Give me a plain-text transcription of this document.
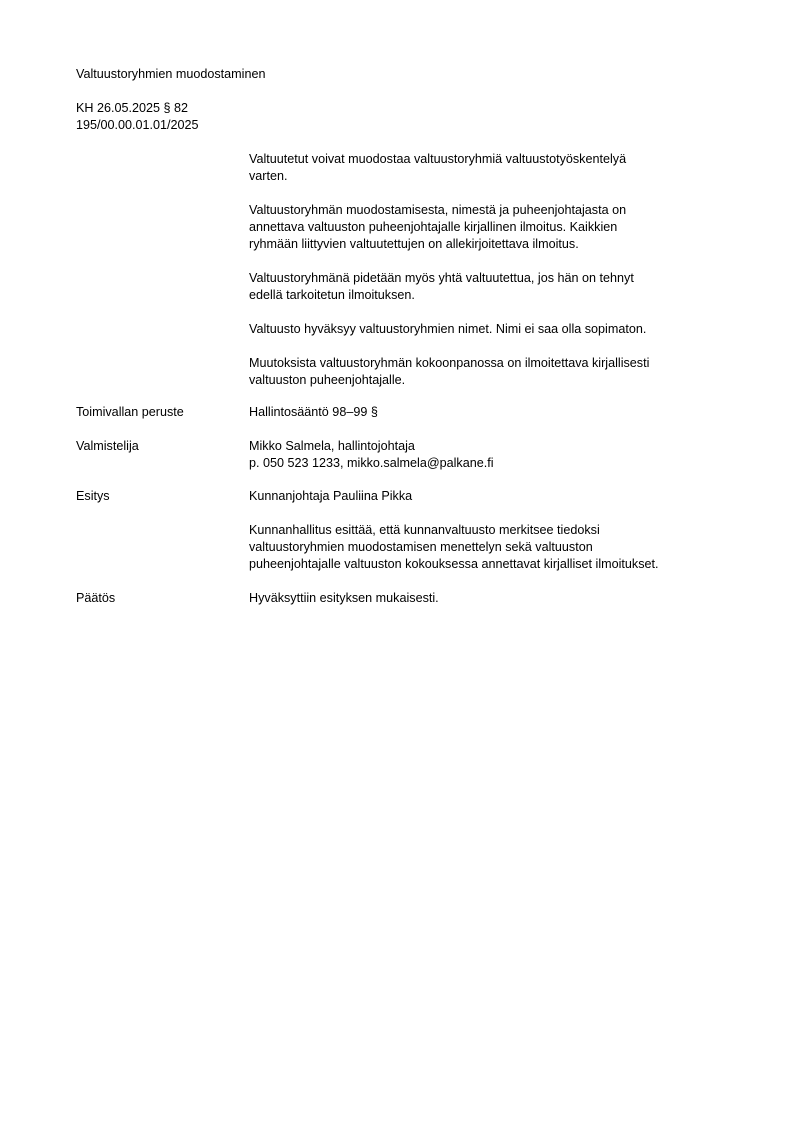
Valtuustoryhmien muodostaminen
KH 26.05.2025 § 82
195/00.00.01.01/2025

Valtuutetut voivat muodostaa valtuustoryhmiä valtuustotyöskentelyä
varten.

Valtuustoryhmän muodostamisesta, nimestä ja puheenjohtajasta on
annettava valtuuston puheenjohtajalle kirjallinen ilmoitus. Kaikkien
ryhmään liittyvien valtuutettujen on allekirjoitettava ilmoitus.

Valtuustoryhmänä pidetään myös yhtä valtuutettua, jos hän on tehnyt
edellä tarkoitetun ilmoituksen.

Valtuusto hyväksyy valtuustoryhmien nimet. Nimi ei saa olla sopimaton.

Muutoksista valtuustoryhmän kokoonpanossa on ilmoitettava kirjallisesti
valtuuston puheenjohtajalle.

Toimivallan peruste	Hallintosääntö 98–99 §
Valmistelija	Mikko Salmela, hallintojohtaja
p. 050 523 1233, mikko.salmela@palkane.fi
Esitys	Kunnanjohtaja Pauliina Pikka

Kunnanhallitus esittää, että kunnanvaltuusto merkitsee tiedoksi
valtuustoryhmien muodostamisen menettelyn sekä valtuuston
puheenjohtajalle valtuuston kokouksessa annettavat kirjalliset ilmoitukset.

Päätös	Hyväksyttiin esityksen mukaisesti.
